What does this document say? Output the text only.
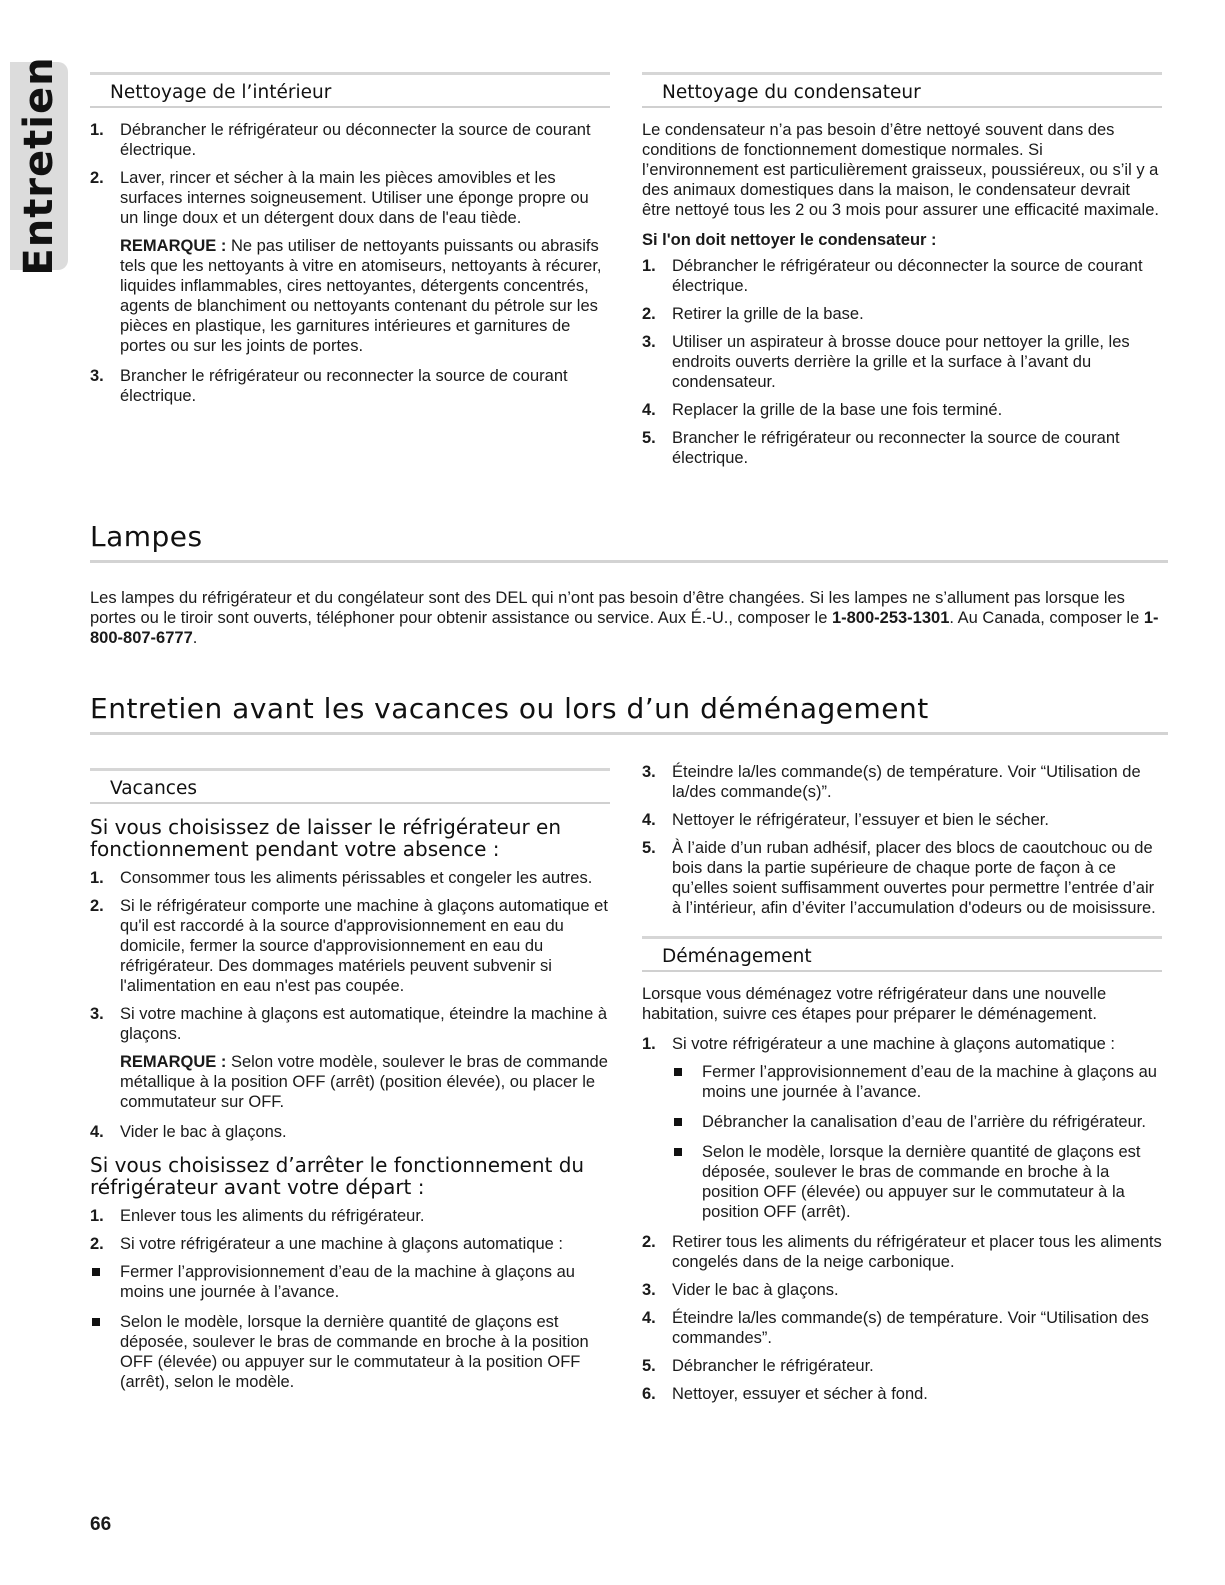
Entretien	Nettoyage de l’intérieur
1. Débrancher le réfrigérateur ou déconnecter la source de courant électrique.
2. Laver, rincer et sécher à la main les pièces amovibles et les surfaces internes soigneusement. Utiliser une éponge propre ou un linge doux et un détergent doux dans de l'eau tiède.
REMARQUE : Ne pas utiliser de nettoyants puissants ou abrasifs tels que les nettoyants à vitre en atomiseurs, nettoyants à récurer, liquides inflammables, cires nettoyantes, détergents concentrés, agents de blanchiment ou nettoyants contenant du pétrole sur les pièces en plastique, les garnitures intérieures et garnitures de portes ou sur les joints de portes.
3. Brancher le réfrigérateur ou reconnecter la source de courant électrique.
Nettoyage du condensateur

Le condensateur n’a pas besoin d’être nettoyé souvent dans des conditions de fonctionnement domestique normales. Si l’environnement est particulièrement graisseux, poussiéreux, ou s’il y a des animaux domestiques dans la maison, le condensateur devrait être nettoyé tous les 2 ou 3 mois pour assurer une efficacité maximale.

Si l'on doit nettoyer le condensateur :
1. Débrancher le réfrigérateur ou déconnecter la source de courant électrique.
2. Retirer la grille de la base.
3. Utiliser un aspirateur à brosse douce pour nettoyer la grille, les endroits ouverts derrière la grille et la surface à l’avant du condensateur.
4. Replacer la grille de la base une fois terminé.
5. Brancher le réfrigérateur ou reconnecter la source de courant électrique.
Lampes
Les lampes du réfrigérateur et du congélateur sont des DEL qui n’ont pas besoin d’être changées. Si les lampes ne s’allument pas lorsque les portes ou le tiroir sont ouverts, téléphoner pour obtenir assistance ou service. Aux É.-U., composer le 1-800-253-1301. Au Canada, composer le 1-800-807-6777.
Entretien avant les vacances ou lors d’un déménagement
Vacances
Si vous choisissez de laisser le réfrigérateur en fonctionnement pendant votre absence :
1. Consommer tous les aliments périssables et congeler les autres.
2. Si le réfrigérateur comporte une machine à glaçons automatique et qu'il est raccordé à la source d'approvisionnement en eau du domicile, fermer la source d'approvisionnement en eau du réfrigérateur. Des dommages matériels peuvent subvenir si l'alimentation en eau n'est pas coupée.
3. Si votre machine à glaçons est automatique, éteindre la machine à glaçons.
REMARQUE : Selon votre modèle, soulever le bras de commande métallique à la position OFF (arrêt) (position élevée), ou placer le commutateur sur OFF.
4. Vider le bac à glaçons.
Si vous choisissez d’arrêter le fonctionnement du réfrigérateur avant votre départ :
1. Enlever tous les aliments du réfrigérateur.
2. Si votre réfrigérateur a une machine à glaçons automatique :
Fermer l’approvisionnement d’eau de la machine à glaçons au moins une journée à l’avance.
Selon le modèle, lorsque la dernière quantité de glaçons est déposée, soulever le bras de commande en broche à la position OFF (élevée) ou appuyer sur le commutateur à la position OFF (arrêt), selon le modèle.
3. Éteindre la/les commande(s) de température. Voir “Utilisation de la/des commande(s)”.
4. Nettoyer le réfrigérateur, l’essuyer et bien le sécher.
5. À l’aide d’un ruban adhésif, placer des blocs de caoutchouc ou de bois dans la partie supérieure de chaque porte de façon à ce qu’elles soient suffisamment ouvertes pour permettre l’entrée d’air à l’intérieur, afin d’éviter l’accumulation d'odeurs ou de moisissure.
Déménagement

Lorsque vous déménagez votre réfrigérateur dans une nouvelle habitation, suivre ces étapes pour préparer le déménagement.

1. Si votre réfrigérateur a une machine à glaçons automatique :
Fermer l’approvisionnement d’eau de la machine à glaçons au moins une journée à l’avance.
Débrancher la canalisation d’eau de l’arrière du réfrigérateur.
Selon le modèle, lorsque la dernière quantité de glaçons est déposée, soulever le bras de commande en broche à la position OFF (élevée) ou appuyer sur le commutateur à la position OFF (arrêt).
2. Retirer tous les aliments du réfrigérateur et placer tous les aliments congelés dans de la neige carbonique.
3. Vider le bac à glaçons.
4. Éteindre la/les commande(s) de température. Voir “Utilisation des commandes”.
5. Débrancher le réfrigérateur.
6. Nettoyer, essuyer et sécher à fond.
66
